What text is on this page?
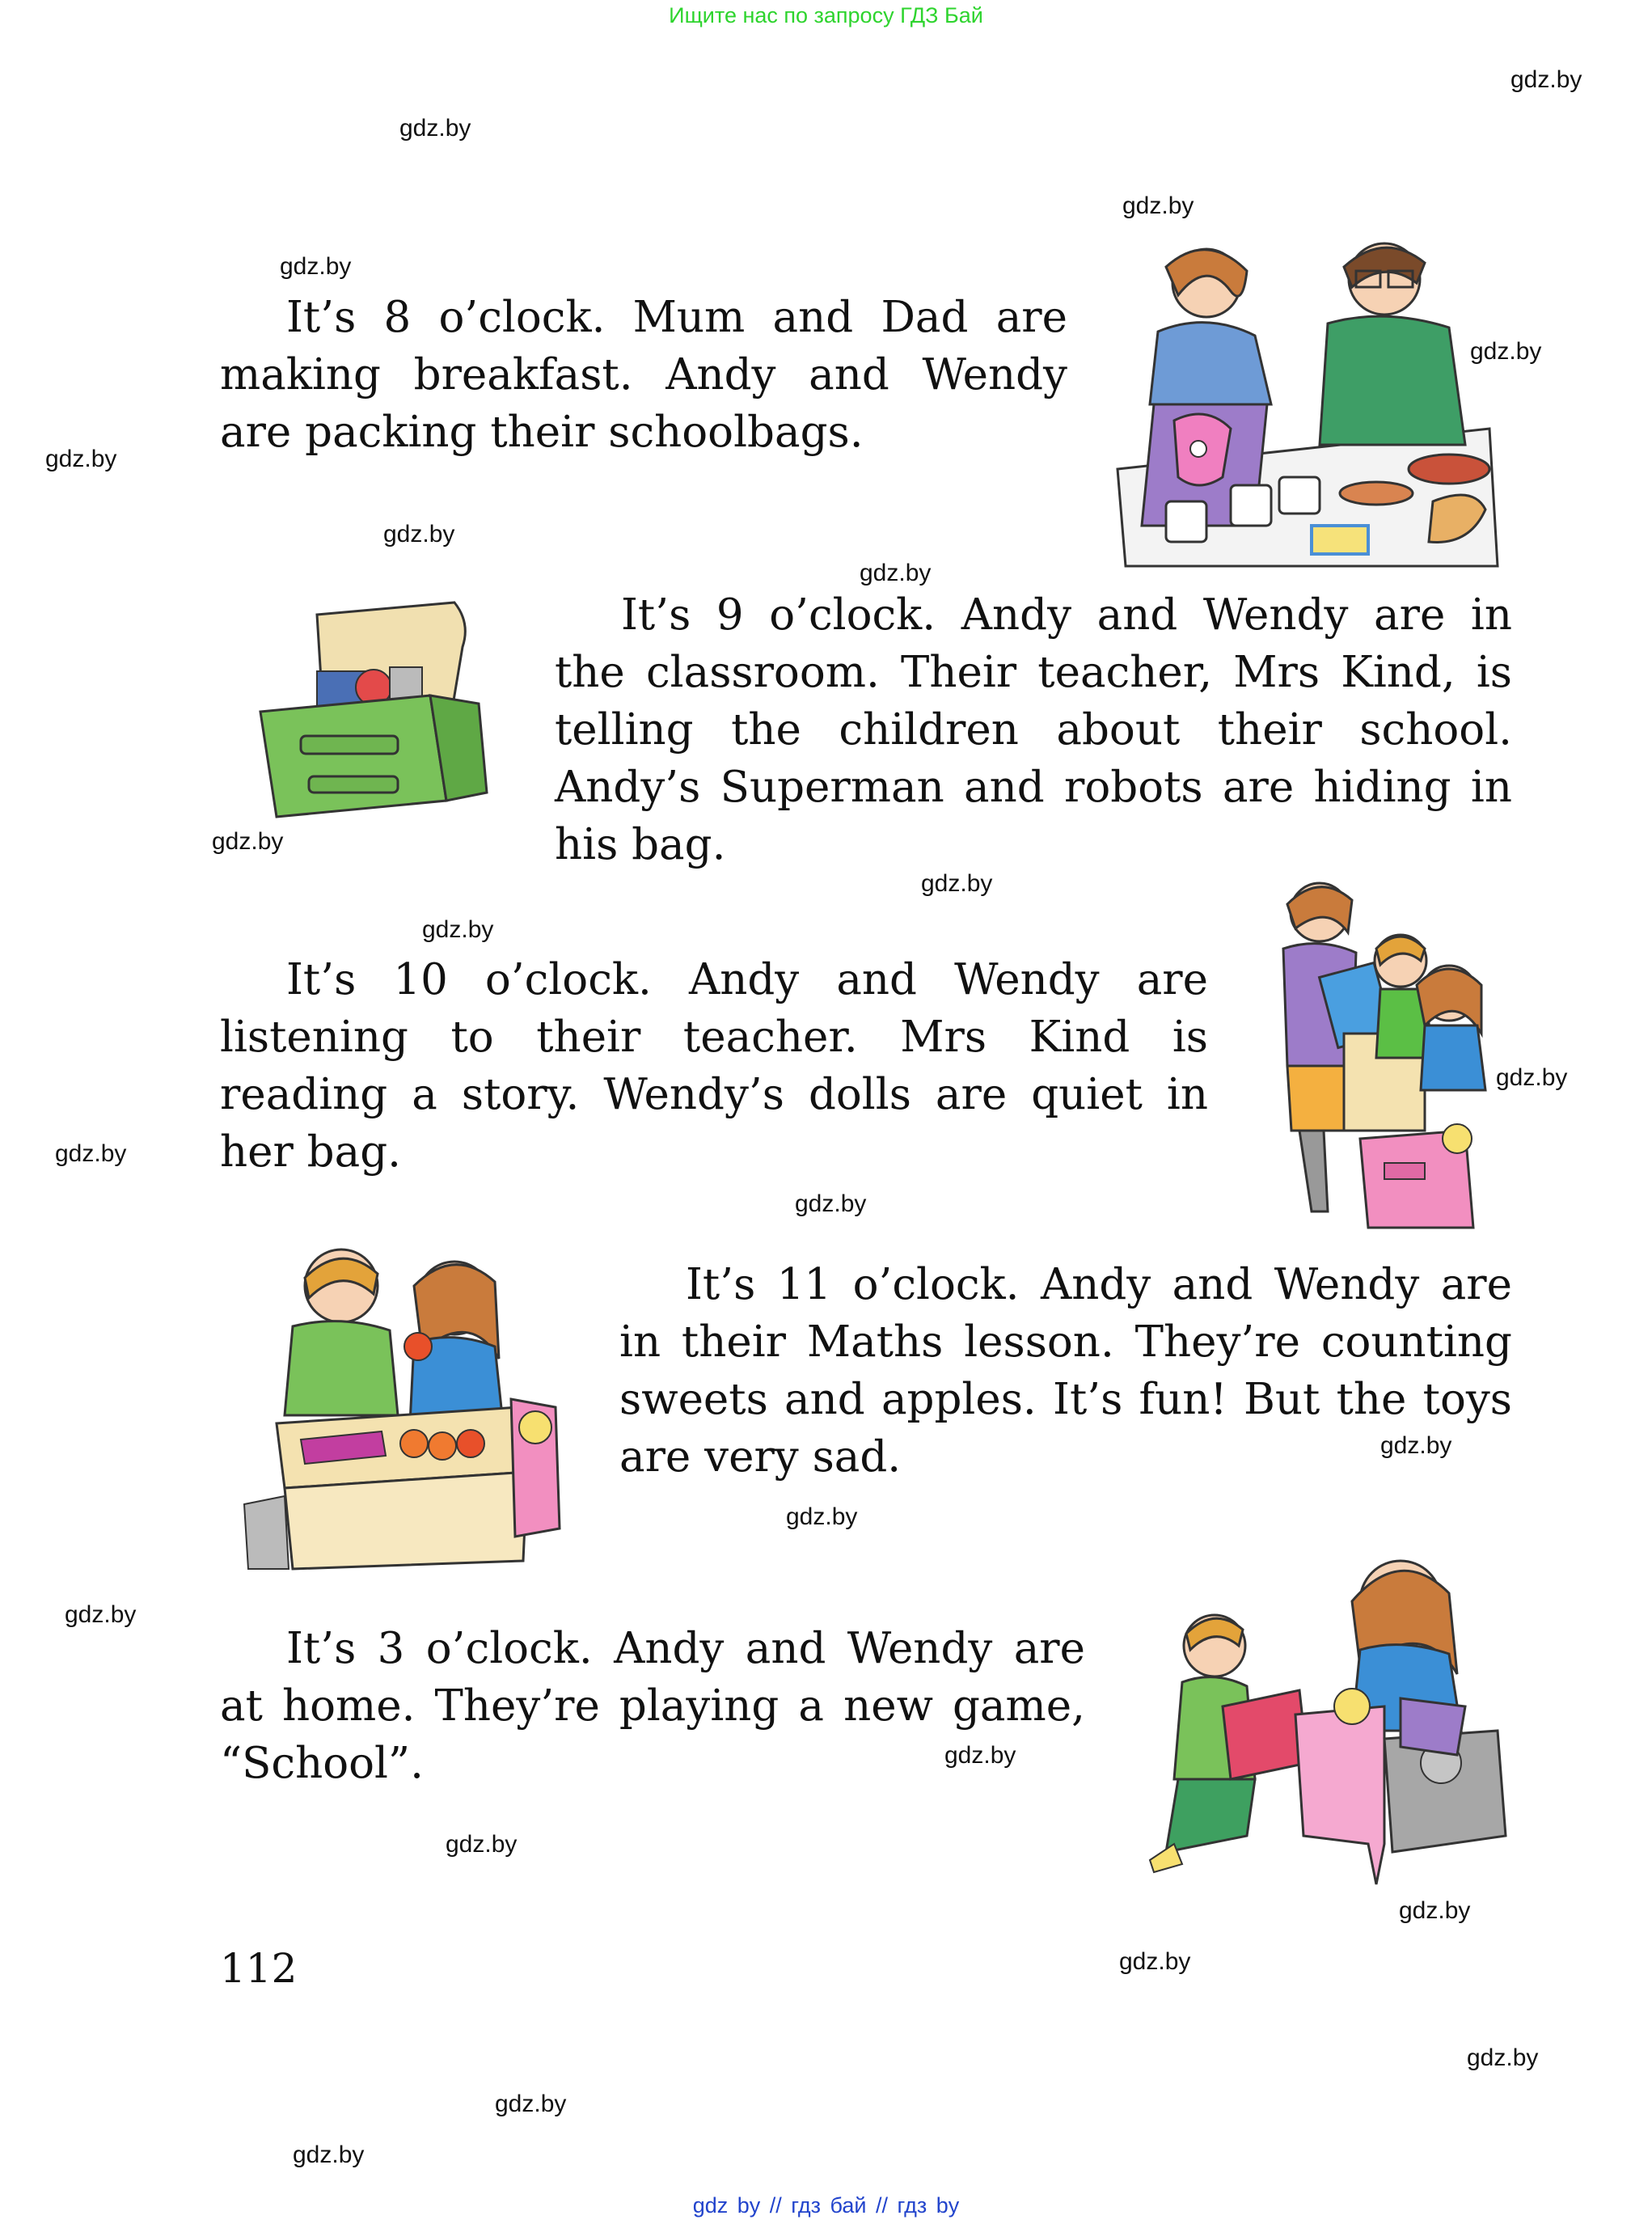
Ищите нас по запросу ГДЗ Бай
gdz.by
gdz.by
gdz.by
gdz.by
gdz.by
gdz.by
gdz.by
gdz.by
gdz.by
gdz.by
gdz.by
gdz.by
gdz.by
gdz.by
gdz.by
gdz.by
gdz.by
gdz.by
gdz.by
gdz.by
gdz.by
gdz.by
gdz.by
gdz.by

It’s 8 o’clock. Mum and Dad are making breakfast. Andy and Wendy are packing their schoolbags.

It’s 9 o’clock. Andy and Wendy are in the classroom. Their teacher, Mrs Kind, is telling the children about their school. Andy’s Superman and robots are hiding in his bag.

It’s 10 o’clock. Andy and Wendy are listening to their teacher. Mrs Kind is reading a story. Wendy’s dolls are quiet in her bag.

It’s 11 o’clock. Andy and Wendy are in their Maths lesson. They’re counting sweets and apples. It’s fun! But the toys are very sad.

It’s 3 o’clock. Andy and Wendy are at home. They’re playing a new game, “School”.

112
gdz by // гдз бай // гдз by
